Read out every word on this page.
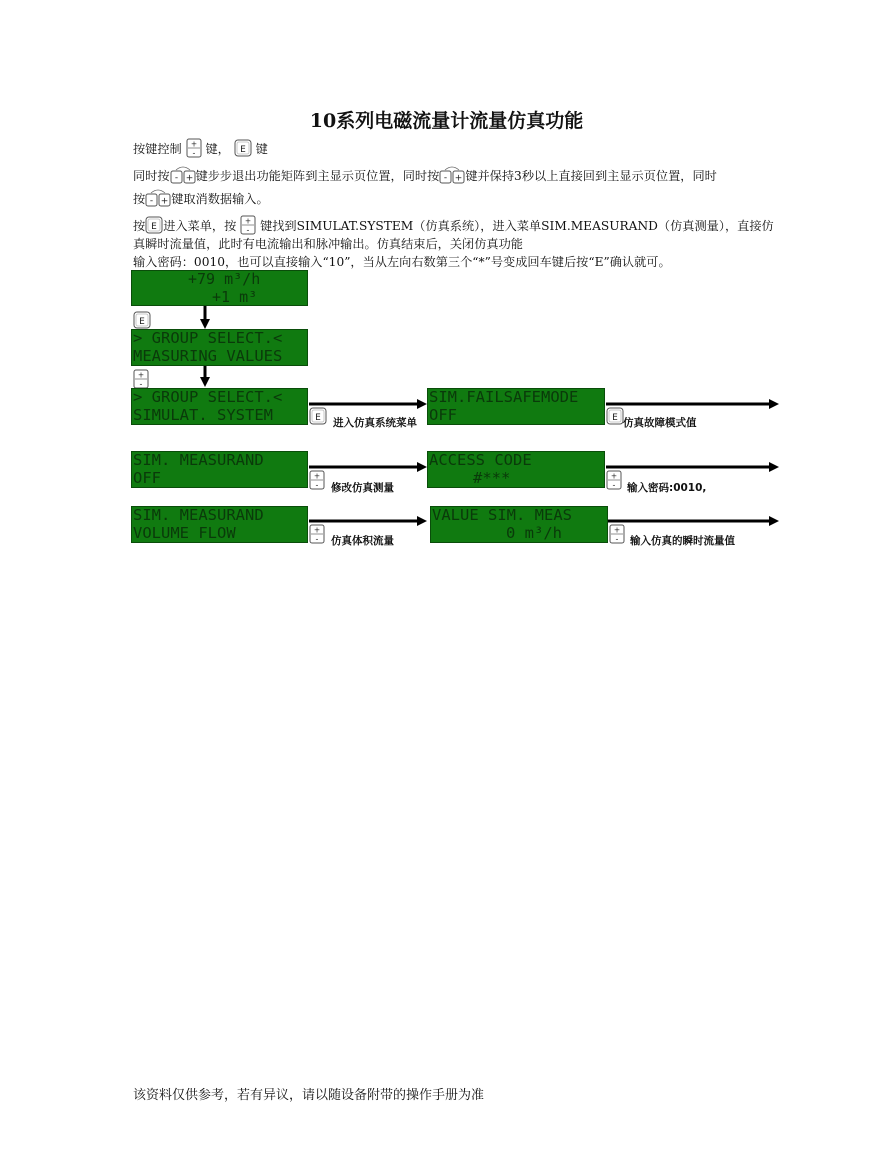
10系列电磁流量计流量仿真功能
按键控制 +
- 键， E 键
同时按 - + 键步步退出功能矩阵到主显示页位置，同时按 - + 键并保持3秒以上直接回到主显示页位置，同时
按 - + 键取消数据输入。
按 E 进入菜单，按 +
- 键找到SIMULAT.SYSTEM（仿真系统），进入菜单SIM.MEASURAND（仿真测量），直接仿
真瞬时流量值，此时有电流输出和脉冲输出。仿真结束后，关闭仿真功能
输入密码：0010，也可以直接输入“10”，当从左向右数第三个“*”号变成回车键后按“E”确认就可。
+79 m³/h
+1 m³
E
> GROUP SELECT.<
MEASURING VALUES
+
-
> GROUP SELECT.<
SIMULAT. SYSTEM	E 进入仿真系统菜单
SIM.FAILSAFEMODE
OFF	E 仿真故障模式值
SIM. MEASURAND
OFF	+
- 修改仿真测量
ACCESS CODE
#***	+
- 输入密码:0010,
SIM. MEASURAND
VOLUME FLOW	+
- 仿真体积流量
VALUE SIM. MEAS
0 m³/h	+
- 输入仿真的瞬时流量值
该资料仅供参考，若有异议，请以随设备附带的操作手册为准
